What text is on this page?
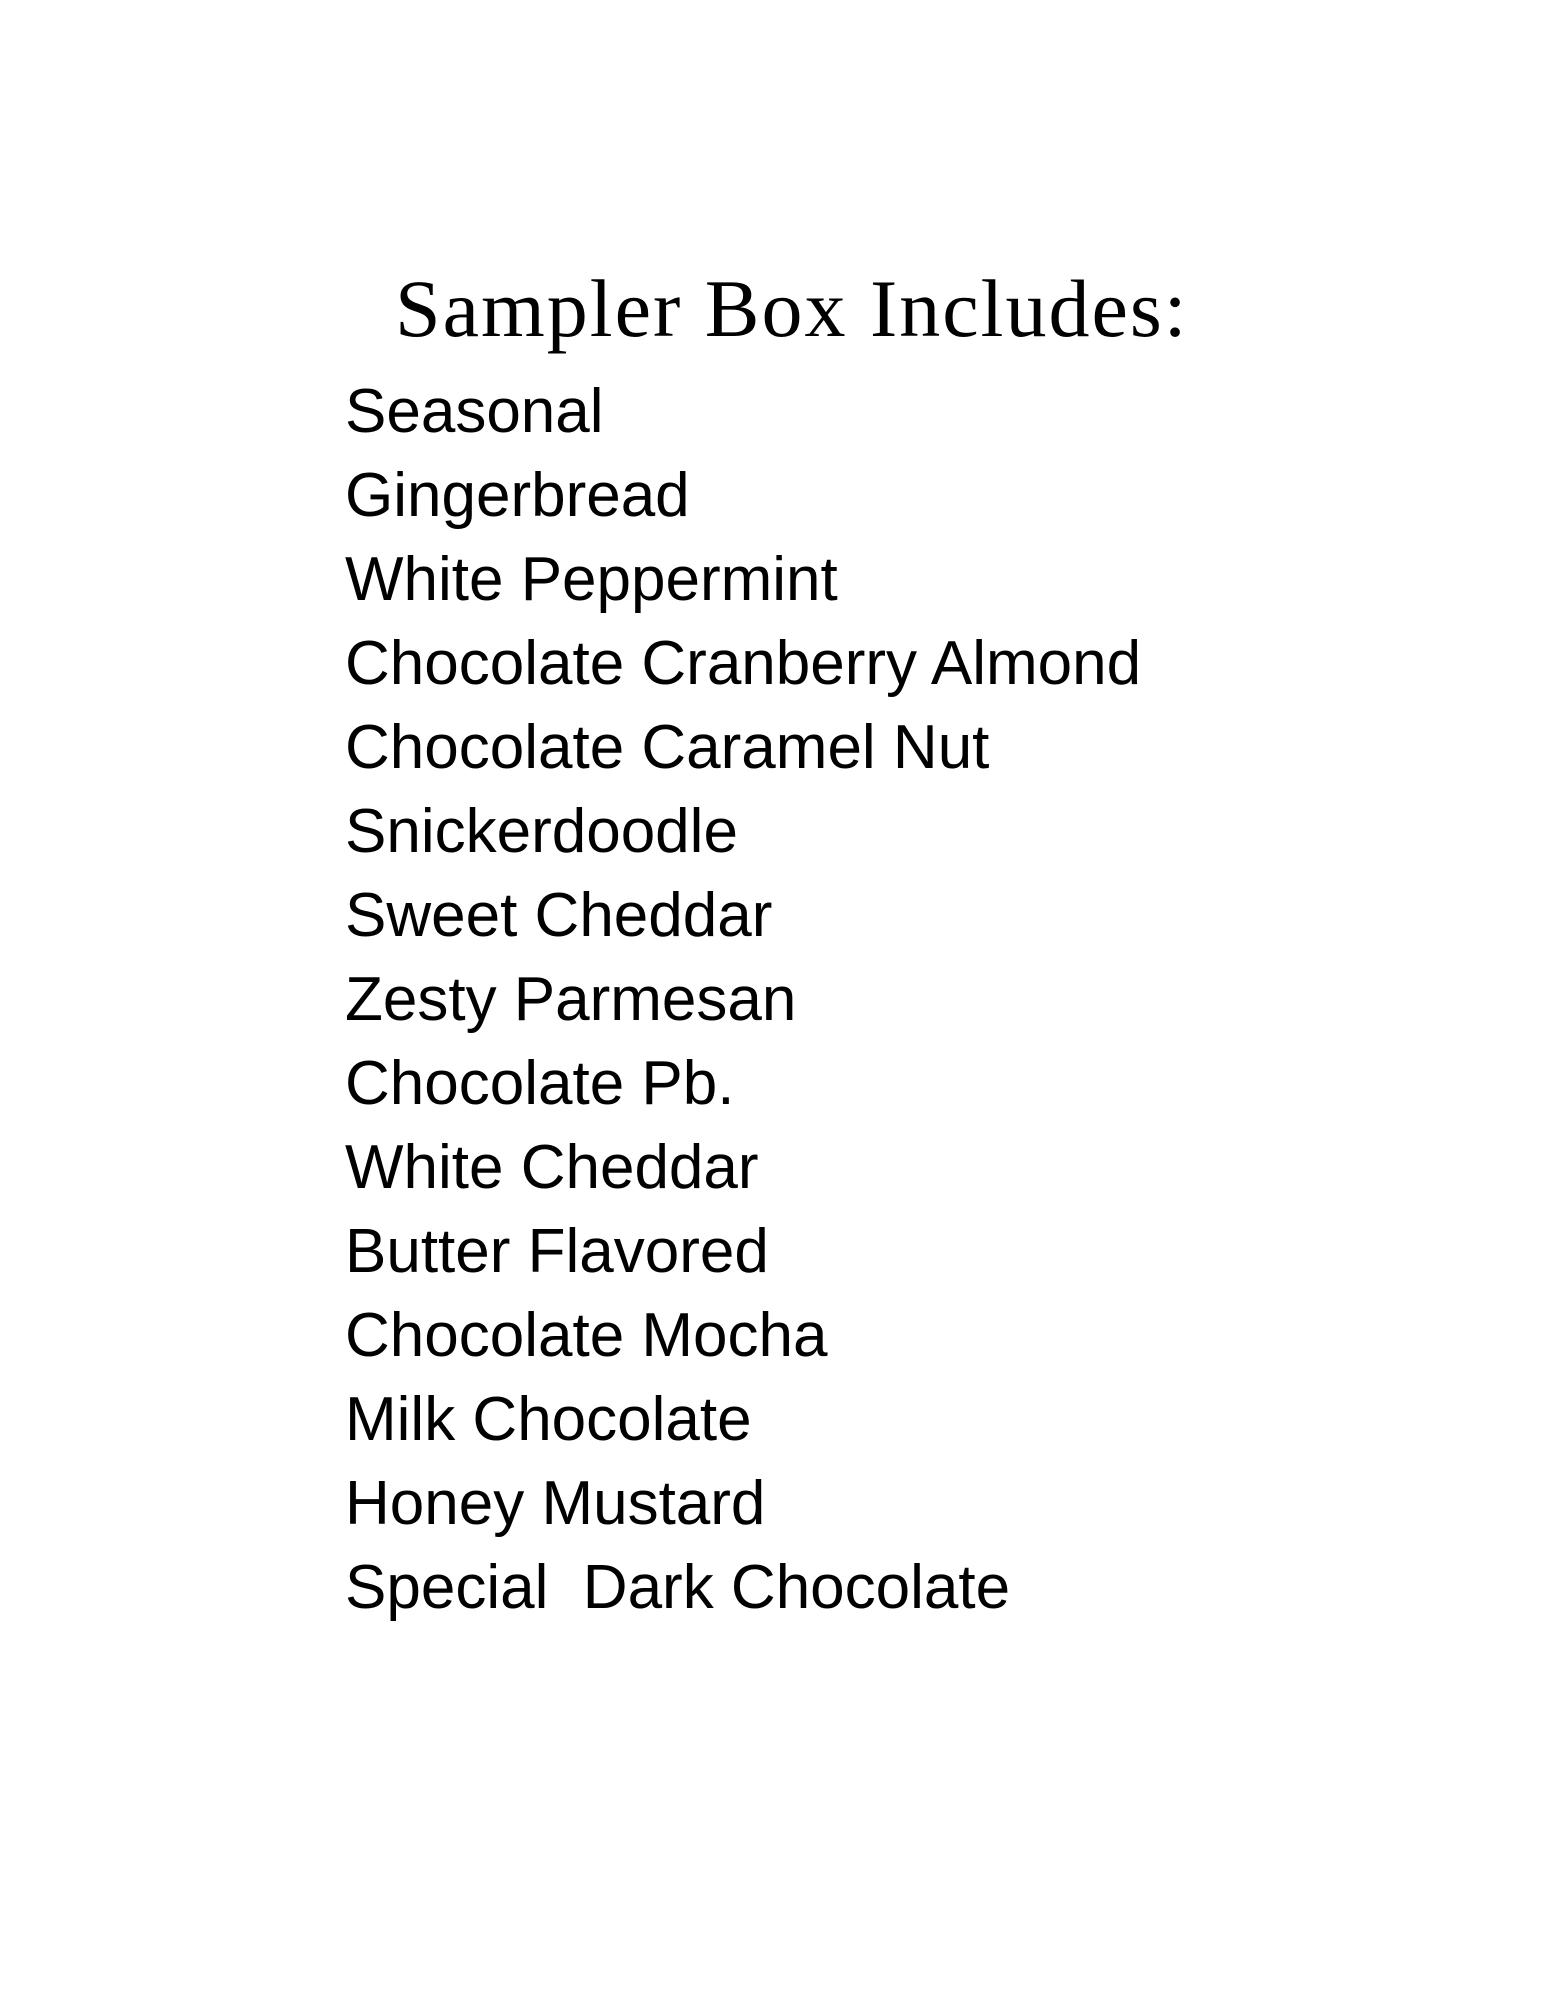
Sampler Box Includes:
Seasonal
Gingerbread
White Peppermint
Chocolate Cranberry Almond
Chocolate Caramel Nut
Snickerdoodle
Sweet Cheddar
Zesty Parmesan
Chocolate Pb.
White Cheddar
Butter Flavored
Chocolate Mocha
Milk Chocolate
Honey Mustard
Special  Dark Chocolate
